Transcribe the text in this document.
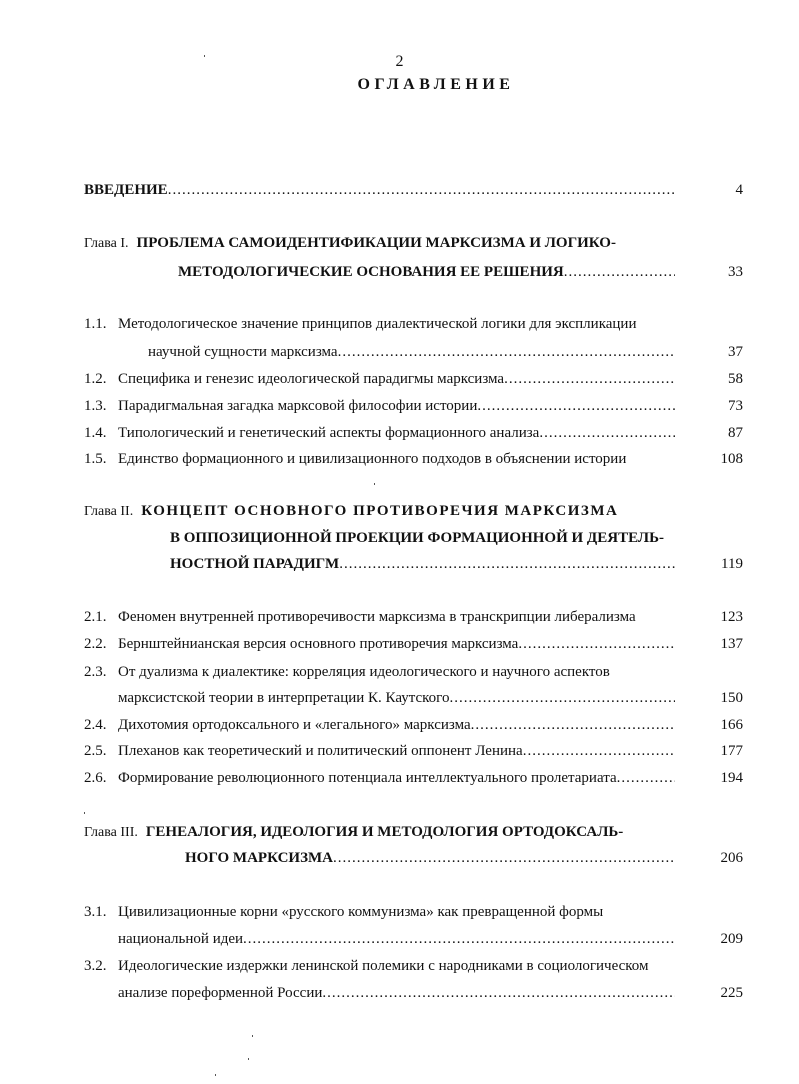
2
ОГЛАВЛЕНИЕ
ВВЕДЕНИЕ .....	4
Глава I. ПРОБЛЕМА САМОИДЕНТИФИКАЦИИ МАРКСИЗМА И ЛОГИКО-
МЕТОДОЛОГИЧЕСКИЕ ОСНОВАНИЯ ЕЕ РЕШЕНИЯ .....	33
1.1. Методологическое значение принципов диалектической логики для экспликации
научной сущности марксизма .....	37
1.2. Специфика и генезис идеологической парадигмы марксизма .....	58
1.3. Парадигмальная загадка марксовой философии истории .....	73
1.4. Типологический и генетический аспекты формационного анализа .....	87
1.5. Единство формационного и цивилизационного подходов в объяснении истории	108
Глава II. КОНЦЕПТ ОСНОВНОГО ПРОТИВОРЕЧИЯ МАРКСИЗМА
В ОППОЗИЦИОННОЙ ПРОЕКЦИИ ФОРМАЦИОННОЙ И ДЕЯТЕЛЬ-
НОСТНОЙ ПАРАДИГМ .....	119
2.1. Феномен внутренней противоречивости марксизма в транскрипции либерализма	123
2.2. Бернштейнианская версия основного противоречия марксизма .....	137
2.3. От дуализма к диалектике: корреляция идеологического и научного аспектов
марксистской теории в интерпретации К. Каутского .....	150
2.4. Дихотомия ортодоксального и «легального» марксизма .....	166
2.5. Плеханов как теоретический и политический оппонент Ленина .....	177
2.6. Формирование революционного потенциала интеллектуального пролетариата .....	194
Глава III. ГЕНЕАЛОГИЯ, ИДЕОЛОГИЯ И МЕТОДОЛОГИЯ ОРТОДОКСАЛЬ-
НОГО МАРКСИЗМА .....	206
3.1. Цивилизационные корни «русского коммунизма» как превращенной формы
национальной идеи .....	209
3.2. Идеологические издержки ленинской полемики с народниками в социологическом
анализе пореформенной России .....	225
